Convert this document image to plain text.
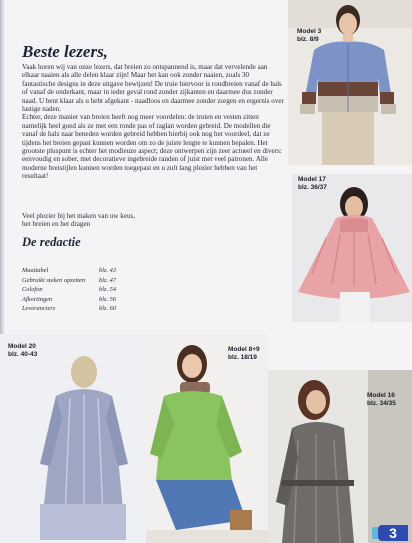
Beste lezers,

Vaak horen wij van onze lezers, dat breien zo ontspannend is, maar dat vervelende aan elkaar naaien als alle delen klaar zijn! Maar het kan ook zonder naaien, zoals 30 fantastische designs in deze uitgave bewijzen! De truie hiervoor is rondbreien vanaf de hals of vanaf de onderkant, maar in ieder geval rond zonder zijkanten en daarmee dus zonder naad. U bent klaar als u hebt afgekant - naadloos en daarmee zonder zorgen en ergernis over lastige naden.

Echter, deze manier van breien heeft nog meer voordelen: de truien en vesten zitten namelijk heel goed als ze met een ronde pas of raglan worden gebreid. De modellen die vanaf de hals naar beneden worden gebreid hebben hierbij ook nog het voordeel, dat ze tijdens het breien gepast kunnen worden om zo de juiste lengte te kunnen bepalen. Het grootste pluspunt is echter het modieuze aspect; deze ontwerpen zijn zeer actueel en divers: eenvoudig en sober, met decoratieve ingebreide randen of juist met veel patronen. Alle moderne breistijlen kunnen worden toegepast en u zult lang plezier hebben van het resultaat!

Veel plezier bij het maken van uw keus,

het breien en het dragen

De redactie
Maattabel	blz. 43
Gebruikt steken opzetten	blz. 47
Colofon	blz. 54
Afkortingen	blz. 56
Leveranciers	blz. 60
Model 3
blz. 8/9
Model 17
blz. 36/37
Model 20
blz. 40-43
Model 8+9
blz. 18/19
Model 16
blz. 34/35
3
